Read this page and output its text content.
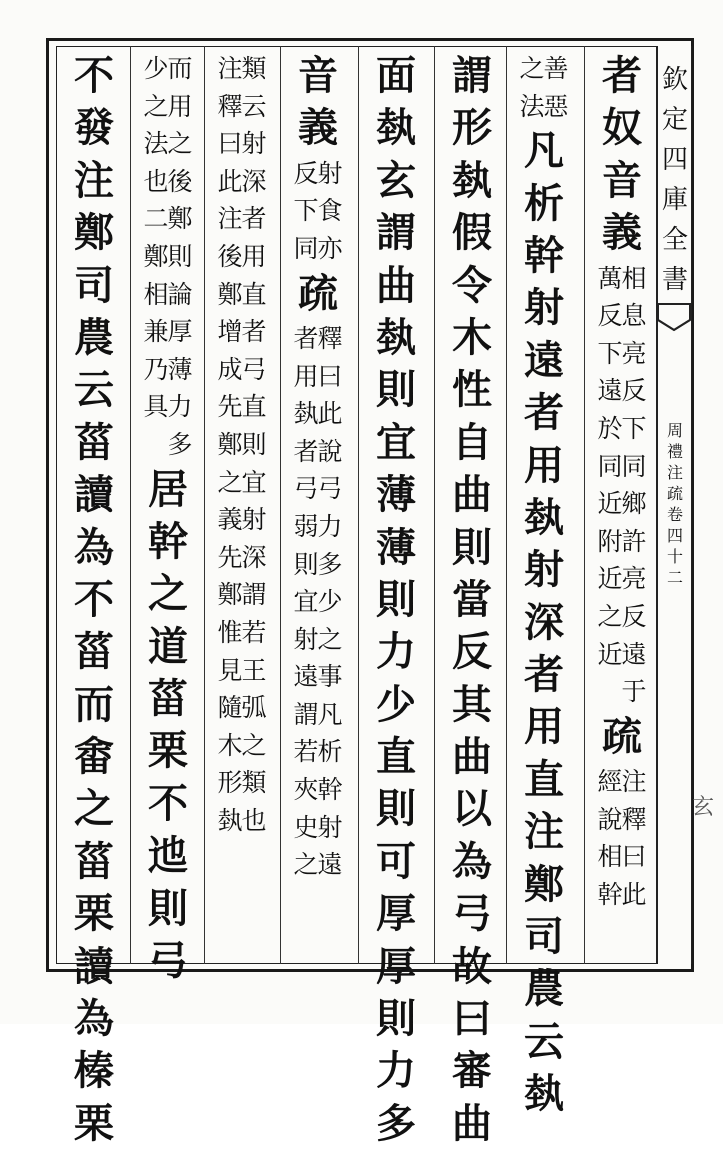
欽
定
四
庫
全
書
周
禮
注
疏
卷
四
十
二
玄
者
奴
音
義
萬
反
下
遠
於
同
近
附
近
之
近
相
息
亮
反
下
同
鄉
許
亮
反
遠
于
疏
經
說
相
幹
注
釋
曰
此
之
法
善
惡
凡
析
幹
射
遠
者
用
埶
射
深
者
用
直
注
鄭
司
農
云
埶
謂
形
埶
假
令
木
性
自
曲
則
當
反
其
曲
以
為
弓
故
曰
審
曲
面
埶
玄
謂
曲
埶
則
宜
薄
薄
則
力
少
直
則
可
厚
厚
則
力
多
音
義
反
下
同
射
食
亦
疏
者
用
埶
者
弓
弱
則
宜
射
遠
謂
若
夾
史
之
釋
曰
此
說
弓
力
多
少
之
事
凡
析
幹
射
遠
注
釋
曰
此
注
後
鄭
增
成
先
鄭
之
義
先
鄭
惟
見
隨
木
形
埶
類
云
射
深
者
用
直
者
弓
直
則
宜
射
深
謂
若
王
弧
之
類
也
少
之
法
也
二
鄭
相
兼
乃
具
而
用
之
後
鄭
則
論
厚
薄
力
多
居
幹
之
道
菑
栗
不
迆
則
弓
不
發
注
鄭
司
農
云
菑
讀
為
不
菑
而
畬
之
菑
栗
讀
為
榛
栗
